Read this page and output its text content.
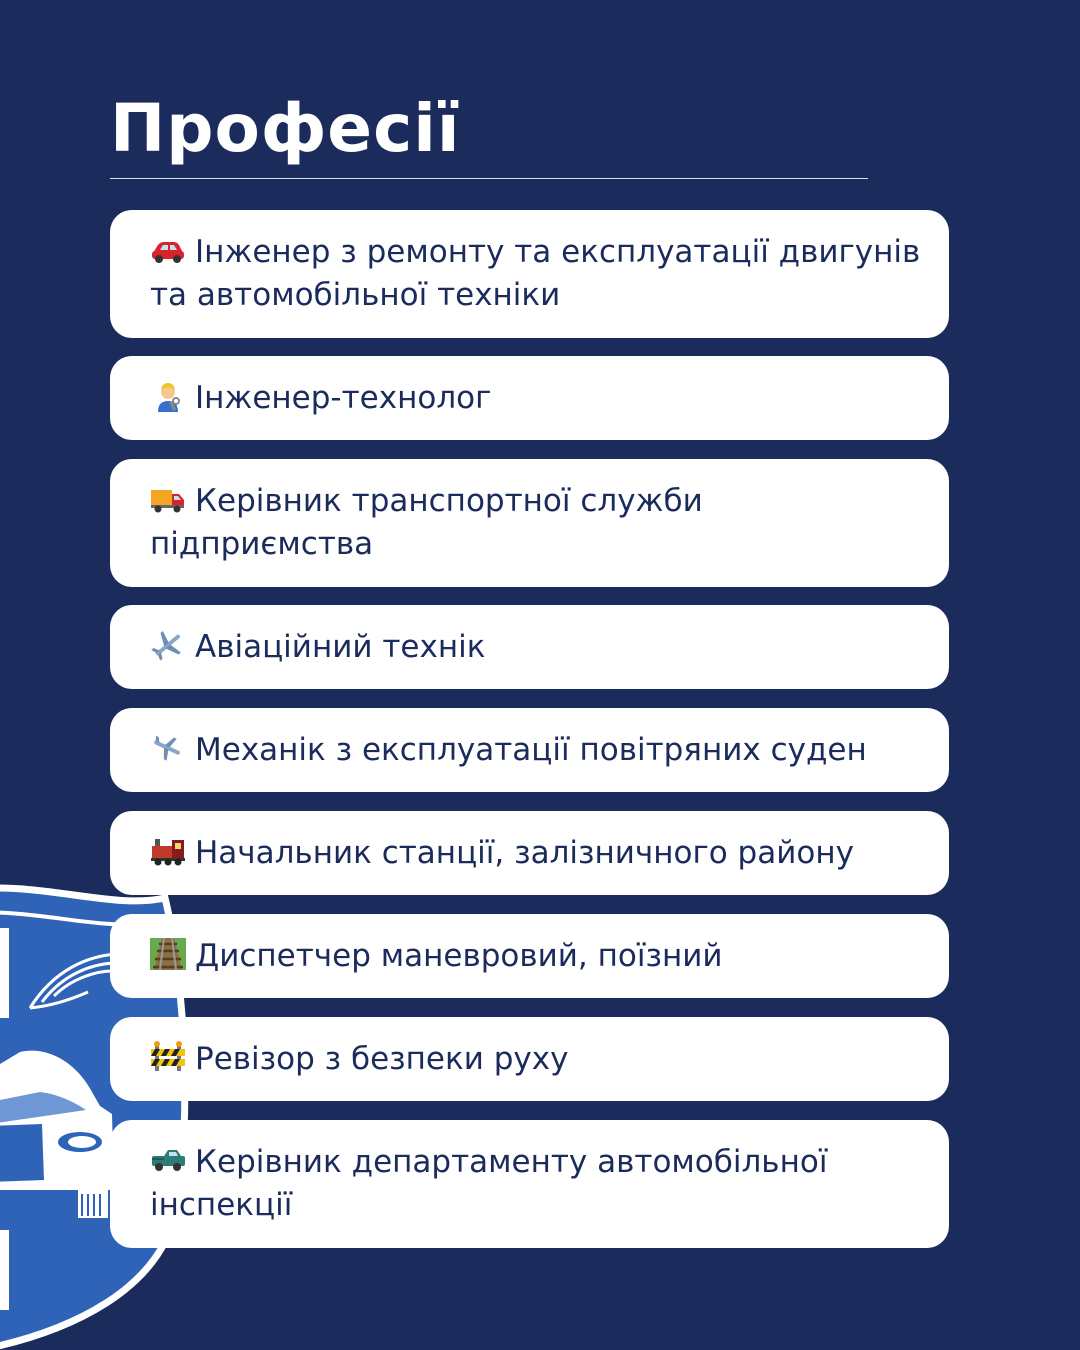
Професії
Інженер з ремонту та експлуатації двигунів та автомобільної техніки
Інженер-технолог
Керівник транспортної служби підприємства
Авіаційний технік
Механік з експлуатації повітряних суден
Начальник станції, залізничного району
Диспетчер маневровий, поїзний
Ревізор з безпеки руху
Керівник департаменту автомобільної інспекції
